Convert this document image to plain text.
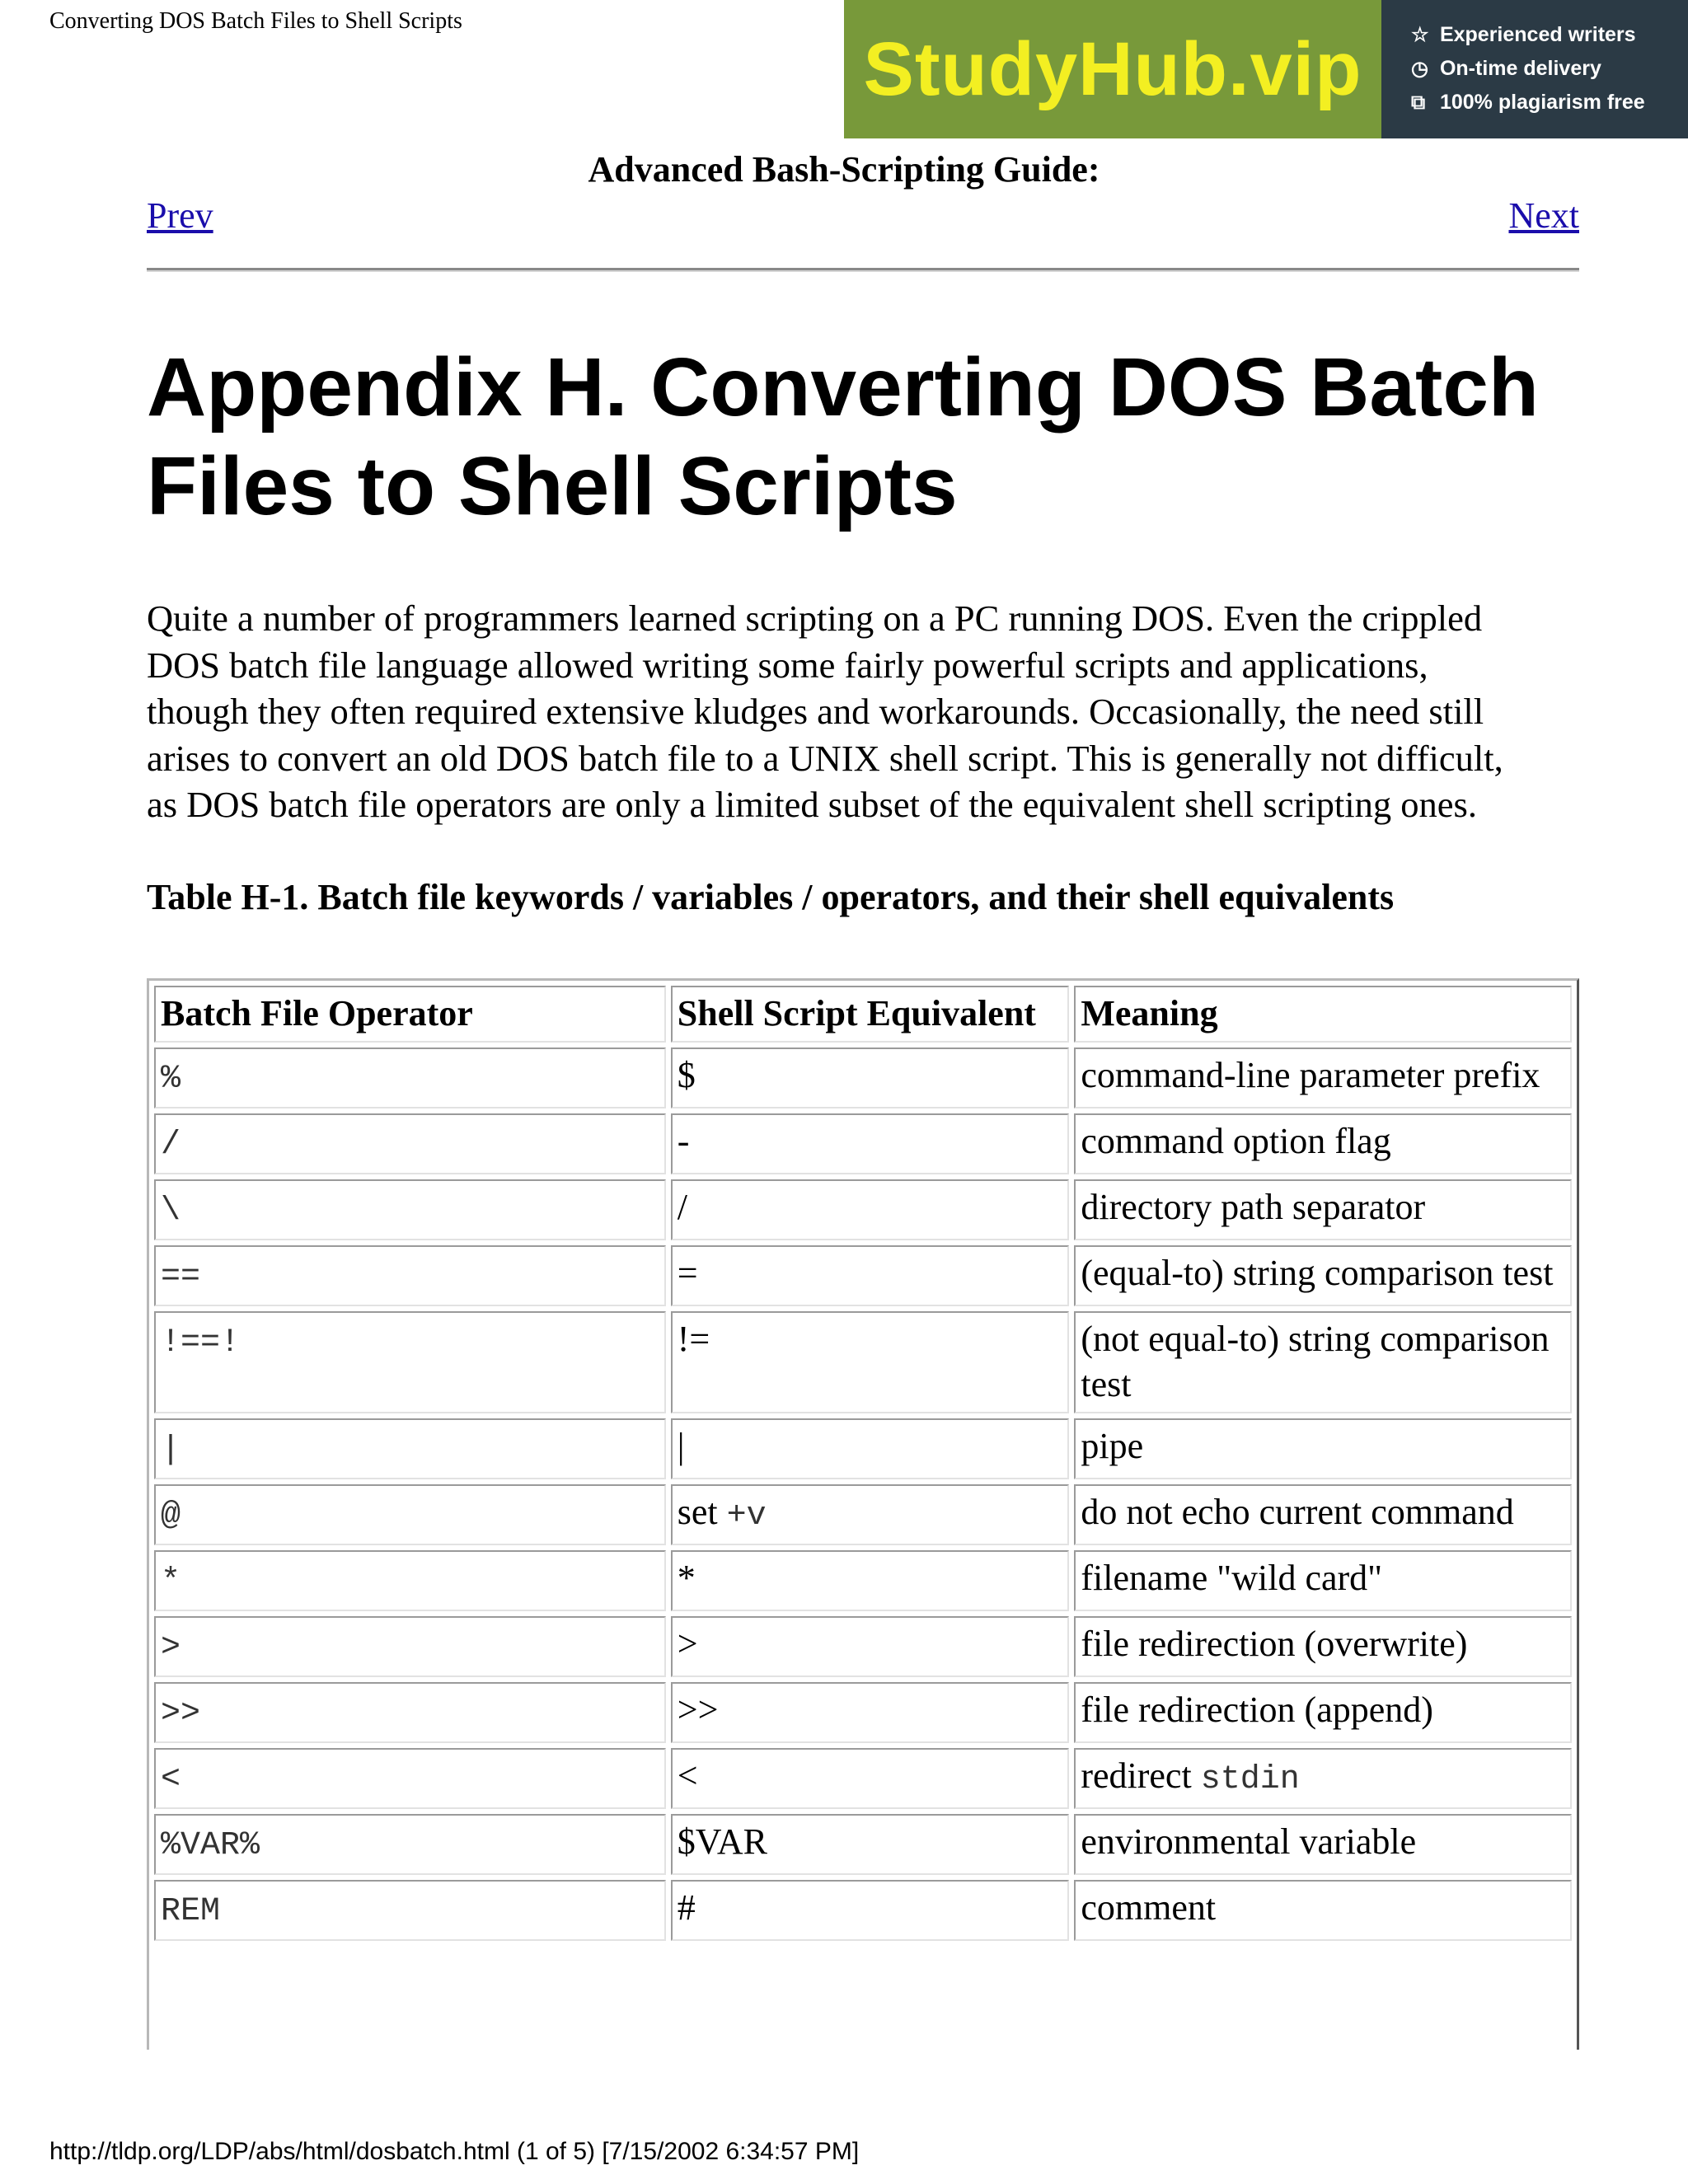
Converting DOS Batch Files to Shell Scripts
StudyHub.vip ☆ Experienced writers
◷ On-time delivery
⧉ 100% plagiarism free
Advanced Bash-Scripting Guide:
Prev	Next
Appendix H. Converting DOS Batch
Files to Shell Scripts

Quite a number of programmers learned scripting on a PC running DOS. Even the crippled
DOS batch file language allowed writing some fairly powerful scripts and applications,
though they often required extensive kludges and workarounds. Occasionally, the need still
arises to convert an old DOS batch file to a UNIX shell script. This is generally not difficult,
as DOS batch file operators are only a limited subset of the equivalent shell scripting ones.

Table H-1. Batch file keywords / variables / operators, and their shell equivalents
Batch File Operator	Shell Script Equivalent	Meaning
%	$	command-line parameter prefix
/	-	command option flag
\	/	directory path separator
==	=	(equal-to) string comparison test
!==!	!=	(not equal-to) string comparison test
|	|	pipe
@	set +v	do not echo current command
*	*	filename "wild card"
>	>	file redirection (overwrite)
>>	>>	file redirection (append)
<	<	redirect stdin
%VAR%	$VAR	environmental variable
REM	#	comment
http://tldp.org/LDP/abs/html/dosbatch.html (1 of 5) [7/15/2002 6:34:57 PM]
